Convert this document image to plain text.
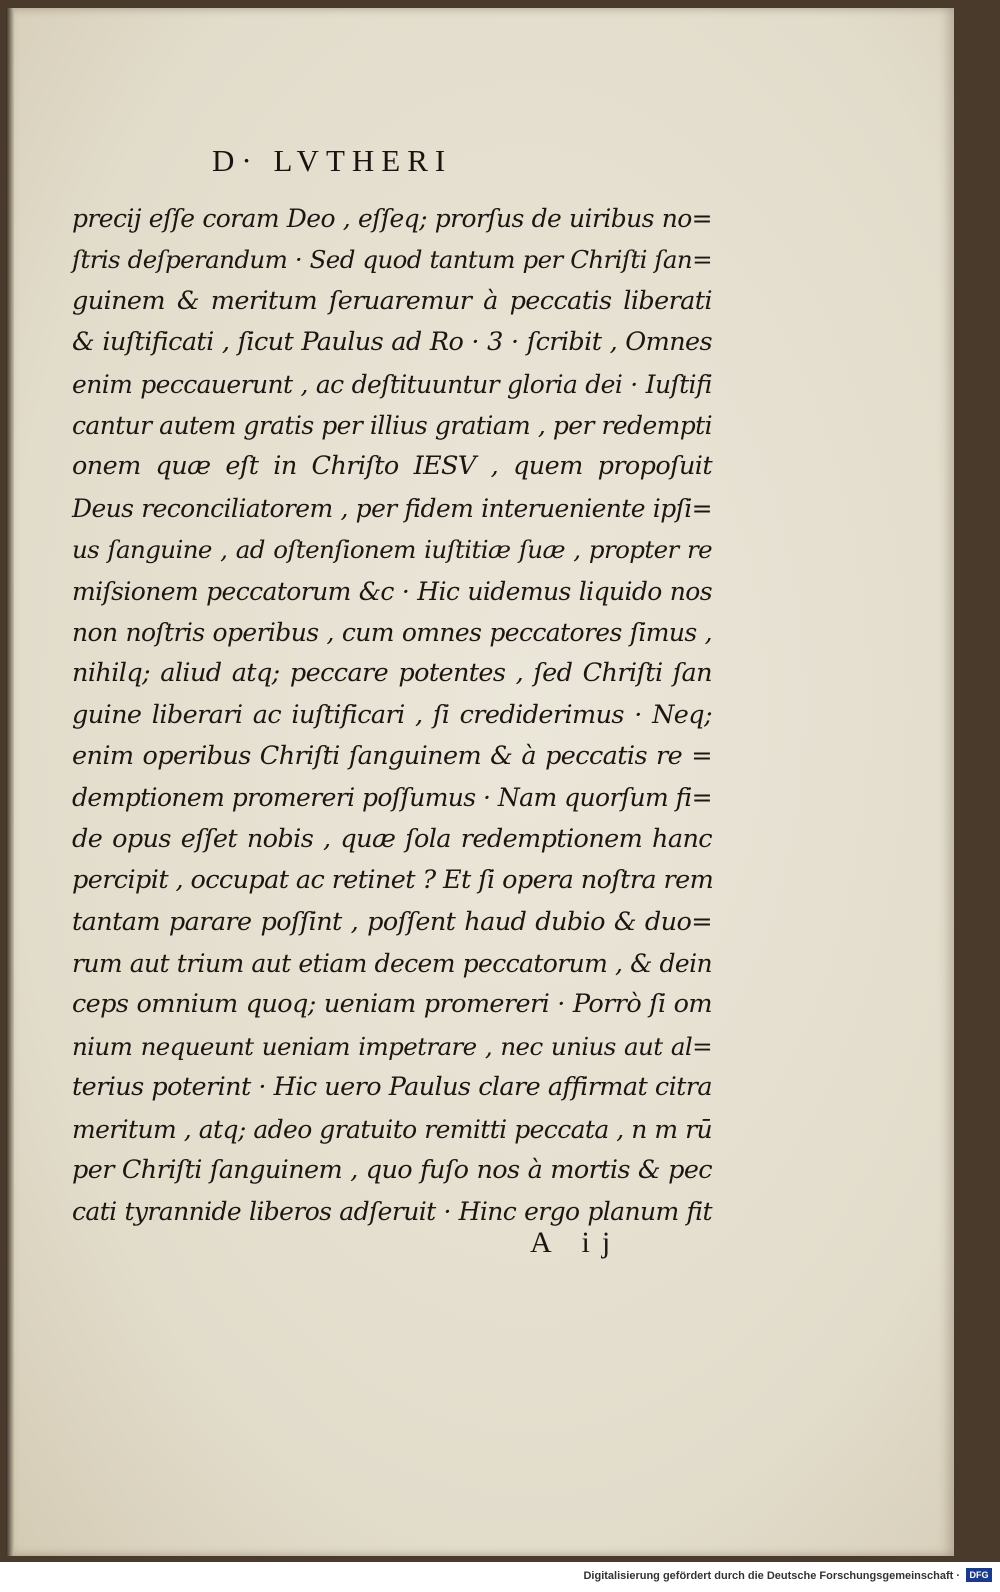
D· LVTHERI
precij eſſe coram Deo , eſſeq; prorſus de uiribus no=
ſtris deſperandum · Sed quod tantum per Chriſti ſan=
guinem & meritum ſeruaremur à peccatis liberati
& iuſtificati , ſicut Paulus ad Ro · 3 · ſcribit , Omnes
enim peccauerunt , ac deſtituuntur gloria dei · Iuſtifi
cantur autem gratis per illius gratiam , per redempti
onem quæ eſt in Chriſto IESV , quem propoſuit
Deus reconciliatorem , per fidem interueniente ipſi=
us ſanguine , ad oſtenſionem iuſtitiæ ſuæ , propter re
miſsionem peccatorum &c · Hic uidemus liquido nos
non noſtris operibus , cum omnes peccatores ſimus ,
nihilq; aliud atq; peccare potentes , ſed Chriſti ſan
guine liberari ac iuſtificari , ſi crediderimus · Neq;
enim operibus Chriſti ſanguinem & à peccatis re =
demptionem promereri poſſumus · Nam quorſum fi=
de opus eſſet nobis , quæ ſola redemptionem hanc
percipit , occupat ac retinet ? Et ſi opera noſtra rem
tantam parare poſſint , poſſent haud dubio & duo=
rum aut trium aut etiam decem peccatorum , & dein
ceps omnium quoq; ueniam promereri · Porrò ſi om
nium nequeunt ueniam impetrare , nec unius aut al=
terius poterint · Hic uero Paulus clare affirmat citra
meritum , atq; adeo gratuito remitti peccata , n m rū
per Chriſti ſanguinem , quo fuſo nos à mortis & pec
cati tyrannide liberos adſeruit · Hinc ergo planum fit
A ij
Digitalisierung gefördert durch die Deutsche Forschungsgemeinschaft ·	DFG
